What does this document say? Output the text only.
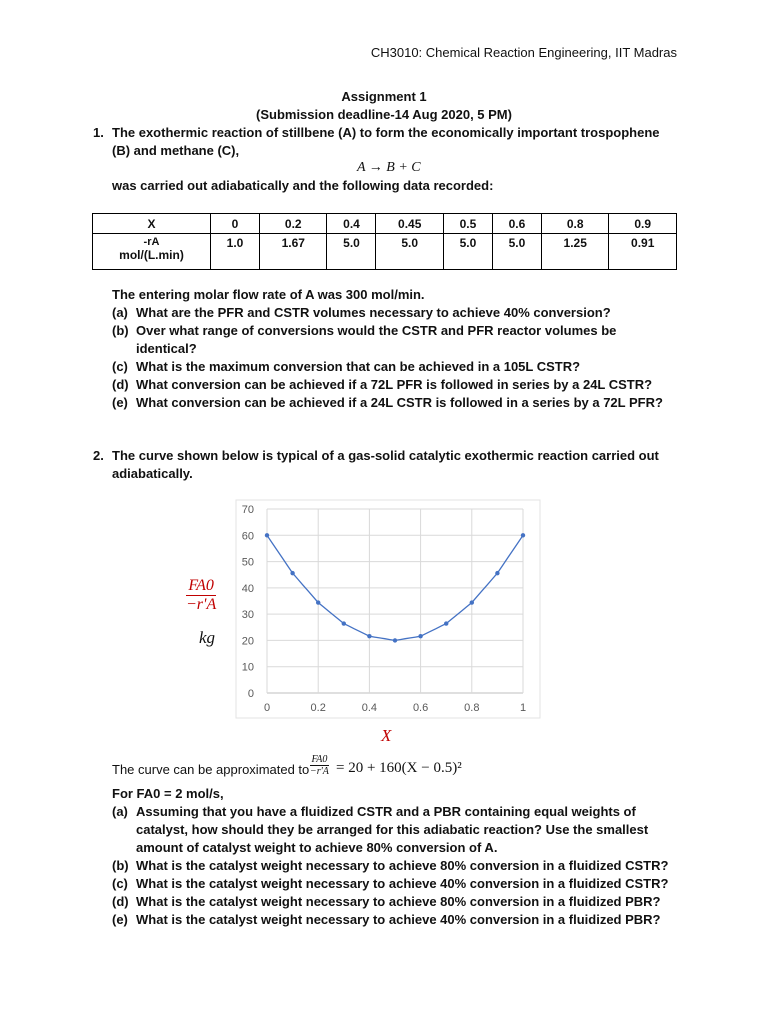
CH3010: Chemical Reaction Engineering, IIT Madras
Assignment 1
(Submission deadline-14 Aug 2020, 5 PM)
1. The exothermic reaction of stillbene (A) to form the economically important trospophene
(B) and methane (C),
A → B + C
was carried out adiabatically and the following data recorded:
X	0	0.2	0.4	0.45	0.5	0.6	0.8	0.9

-rA
mol/(L.min)	1.0	1.67	5.0	5.0	5.0	5.0	1.25	0.91
The entering molar flow rate of A was 300 mol/min.
(a) What are the PFR and CSTR volumes necessary to achieve 40% conversion?
(b) Over what range of conversions would the CSTR and PFR reactor volumes be
identical?
(c) What is the maximum conversion that can be achieved in a 105L CSTR?
(d) What conversion can be achieved if a 72L PFR is followed in series by a 24L CSTR?
(e) What conversion can be achieved if a 24L CSTR is followed in a series by a 72L PFR?
2. The curve shown below is typical of a gas-solid catalytic exothermic reaction carried out
adiabatically.
$\frac{FA0}{-r'A}$
kg
0
10
20
30
40
50
60
70
0	0.2	0.4	0.6	0.8	1
X
The curve can be approximated to $\frac{FA0}{-r'A} = 20 + 160(X - 0.5)^2$
For FA0 = 2 mol/s,
(a) Assuming that you have a fluidized CSTR and a PBR containing equal weights of
catalyst, how should they be arranged for this adiabatic reaction? Use the smallest
amount of catalyst weight to achieve 80% conversion of A.
(b) What is the catalyst weight necessary to achieve 80% conversion in a fluidized CSTR?
(c) What is the catalyst weight necessary to achieve 40% conversion in a fluidized CSTR?
(d) What is the catalyst weight necessary to achieve 80% conversion in a fluidized PBR?
(e) What is the catalyst weight necessary to achieve 40% conversion in a fluidized PBR?
